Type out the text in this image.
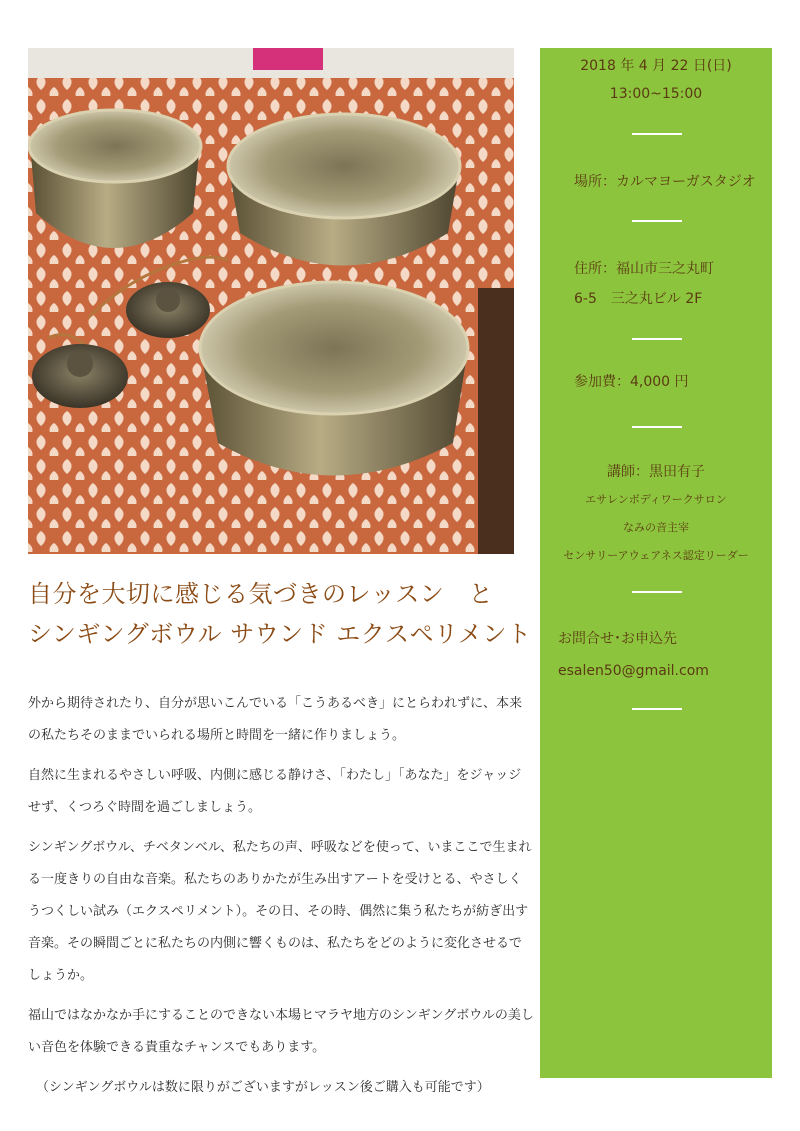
自分を大切に感じる気づきのレッスン　と
シンギングボウル サウンド エクスペリメント

外から期待されたり、自分が思いこんでいる「こうあるべき」にとらわれずに、本来の私たちそのままでいられる場所と時間を一緒に作りましょう。

自然に生まれるやさしい呼吸、内側に感じる静けさ、「わたし」「あなた」をジャッジせず、くつろぐ時間を過ごしましょう。

シンギングボウル、チベタンベル、私たちの声、呼吸などを使って、いまここで生まれる一度きりの自由な音楽。私たちのありかたが生み出すアートを受けとる、やさしくうつくしい試み（エクスペリメント）。その日、その時、偶然に集う私たちが紡ぎ出す音楽。その瞬間ごとに私たちの内側に響くものは、私たちをどのように変化させるでしょうか。

福山ではなかなか手にすることのできない本場ヒマラヤ地方のシンギングボウルの美しい音色を体験できる貴重なチャンスでもあります。

（シンギングボウルは数に限りがございますがレッスン後ご購入も可能です）

2018 年 4 月 22 日(日)
13:00~15:00
場所：カルマヨーガスタジオ
住所：福山市三之丸町
6-5　三之丸ビル 2F
参加費：4,000 円
講師：黒田有子
エサレンボディワークサロン
なみの音主宰
センサリーアウェアネス認定リーダー
お問合せ･お申込先
esalen50@gmail.com
